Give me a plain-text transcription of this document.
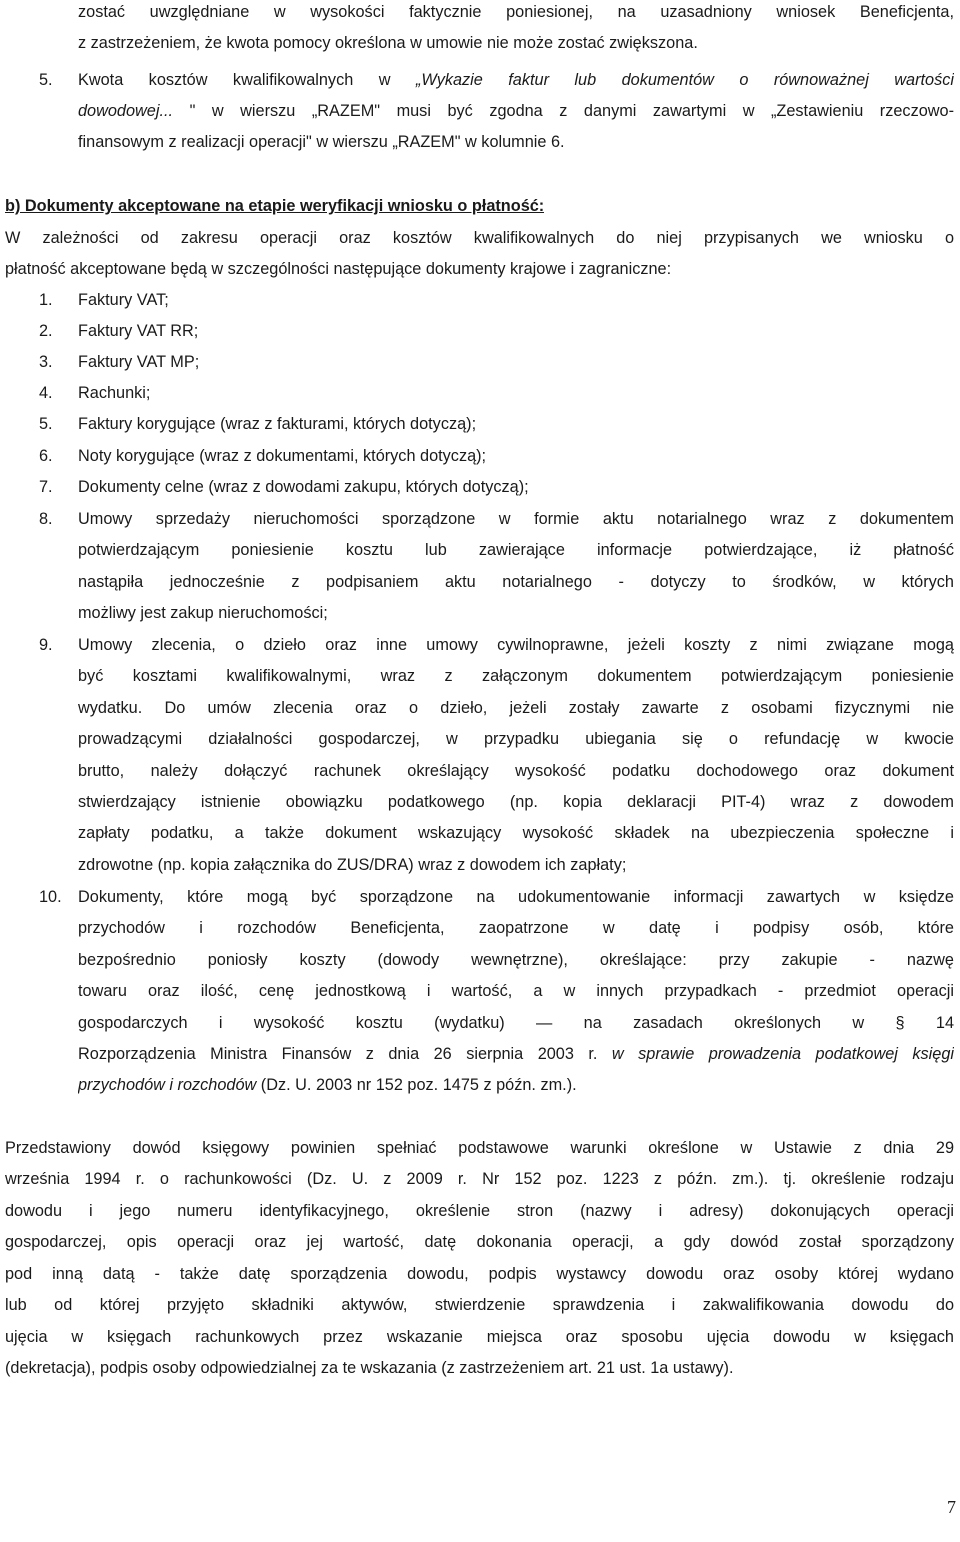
zostać uwzględniane w wysokości faktycznie poniesionej, na uzasadniony wniosek Beneficjenta,
z zastrzeżeniem, że kwota pomocy określona w umowie nie może zostać zwiększona.
5. Kwota kosztów kwalifikowalnych w „Wykazie faktur lub dokumentów o równoważnej wartości
dowodowej... " w wierszu „RAZEM" musi być zgodna z danymi zawartymi w „Zestawieniu rzeczowo-
finansowym z realizacji operacji" w wierszu „RAZEM" w kolumnie 6.
b) Dokumenty akceptowane na etapie weryfikacji wniosku o płatność:
W zależności od zakresu operacji oraz kosztów kwalifikowalnych do niej przypisanych we wniosku o
płatność akceptowane będą w szczególności następujące dokumenty krajowe i zagraniczne:
1. Faktury VAT;
2. Faktury VAT RR;
3. Faktury VAT MP;
4. Rachunki;
5. Faktury korygujące (wraz z fakturami, których dotyczą);
6. Noty korygujące (wraz z dokumentami, których dotyczą);
7. Dokumenty celne (wraz z dowodami zakupu, których dotyczą);
8. Umowy sprzedaży nieruchomości sporządzone w formie aktu notarialnego wraz z dokumentem
potwierdzającym poniesienie kosztu lub zawierające informacje potwierdzające, iż płatność
nastąpiła jednocześnie z podpisaniem aktu notarialnego - dotyczy to środków, w których
możliwy jest zakup nieruchomości;
9. Umowy zlecenia, o dzieło oraz inne umowy cywilnoprawne, jeżeli koszty z nimi związane mogą
być kosztami kwalifikowalnymi, wraz z załączonym dokumentem potwierdzającym poniesienie
wydatku. Do umów zlecenia oraz o dzieło, jeżeli zostały zawarte z osobami fizycznymi nie
prowadzącymi działalności gospodarczej, w przypadku ubiegania się o refundację w kwocie
brutto, należy dołączyć rachunek określający wysokość podatku dochodowego oraz dokument
stwierdzający istnienie obowiązku podatkowego (np. kopia deklaracji PIT-4) wraz z dowodem
zapłaty podatku, a także dokument wskazujący wysokość składek na ubezpieczenia społeczne i
zdrowotne (np. kopia załącznika do ZUS/DRA) wraz z dowodem ich zapłaty;
10. Dokumenty, które mogą być sporządzone na udokumentowanie informacji zawartych w księdze
przychodów i rozchodów Beneficjenta, zaopatrzone w datę i podpisy osób, które
bezpośrednio poniosły koszty (dowody wewnętrzne), określające: przy zakupie - nazwę
towaru oraz ilość, cenę jednostkową i wartość, a w innych przypadkach - przedmiot operacji
gospodarczych i wysokość kosztu (wydatku) — na zasadach określonych w § 14
Rozporządzenia Ministra Finansów z dnia 26 sierpnia 2003 r. w sprawie prowadzenia podatkowej księgi
przychodów i rozchodów (Dz. U. 2003 nr 152 poz. 1475 z późn. zm.).
Przedstawiony dowód księgowy powinien spełniać podstawowe warunki określone w Ustawie z dnia 29
września 1994 r. o rachunkowości (Dz. U. z 2009 r. Nr 152 poz. 1223 z późn. zm.). tj. określenie rodzaju
dowodu i jego numeru identyfikacyjnego, określenie stron (nazwy i adresy) dokonujących operacji
gospodarczej, opis operacji oraz jej wartość, datę dokonania operacji, a gdy dowód został sporządzony
pod inną datą - także datę sporządzenia dowodu, podpis wystawcy dowodu oraz osoby której wydano
lub od której przyjęto składniki aktywów, stwierdzenie sprawdzenia i zakwalifikowania dowodu do
ujęcia w księgach rachunkowych przez wskazanie miejsca oraz sposobu ujęcia dowodu w księgach
(dekretacja), podpis osoby odpowiedzialnej za te wskazania (z zastrzeżeniem art. 21 ust. 1a ustawy).
7
